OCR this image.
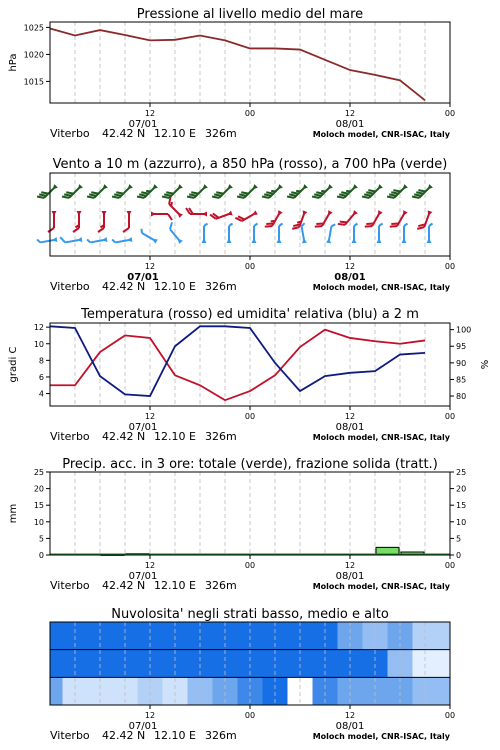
Pressione al livello medio del mare
1015
1020
1025
hPa
12	00	12	00
07/01	08/01
Viterbo 42.42 N 12.10 E 326m	Moloch model, CNR-ISAC, Italy
Vento a 10 m (azzurro), a 850 hPa (rosso), a 700 hPa (verde)
12	00	12	00
07/01	08/01
Viterbo 42.42 N 12.10 E 326m	Moloch model, CNR-ISAC, Italy
Temperatura (rosso) ed umidita' relativa (blu) a 2 m
4
6
8
10
12
80
85
90
95
100
gradi C	%
12	00	12	00
07/01	08/01
Viterbo 42.42 N 12.10 E 326m	Moloch model, CNR-ISAC, Italy
Precip. acc. in 3 ore: totale (verde), frazione solida (tratt.)
0	0
5	5
10	10
15	15
20	20
25	25
mm
12	00	12	00
07/01	08/01
Viterbo 42.42 N 12.10 E 326m	Moloch model, CNR-ISAC, Italy
Nuvolosita' negli strati basso, medio e alto
12	00	12	00
07/01	08/01
Viterbo 42.42 N 12.10 E 326m	Moloch model, CNR-ISAC, Italy
